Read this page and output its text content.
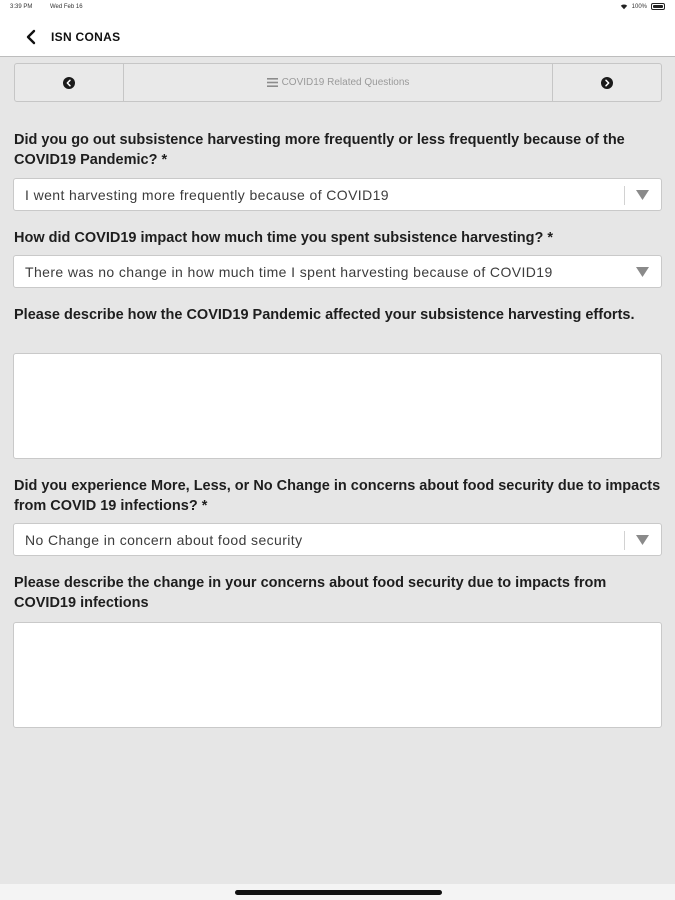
3:39 PM	Wed Feb 16	100%
ISN CONAS
COVID19 Related Questions
Did you go out subsistence harvesting more frequently or less frequently because of the COVID19 Pandemic? *
I went harvesting more frequently because of COVID19
How did COVID19 impact how much time you spent subsistence harvesting? *
There was no change in how much time I spent harvesting because of COVID19
Please describe how the COVID19 Pandemic affected your subsistence harvesting efforts.
Did you experience More, Less, or No Change in concerns about food security due to impacts from COVID 19 infections? *
No Change in concern about food security
Please describe the change in your concerns about food security due to impacts from COVID19 infections
